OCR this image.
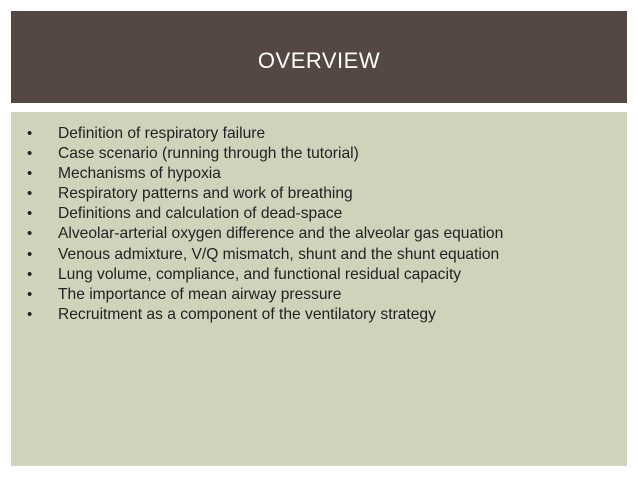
OVERVIEW
•	Definition of respiratory failure
•	Case scenario (running through the tutorial)
•	Mechanisms of hypoxia
•	Respiratory patterns and work of breathing
•	Definitions and calculation of dead-space
•	Alveolar-arterial oxygen difference and the alveolar gas equation
•	Venous admixture, V/Q mismatch, shunt and the shunt equation
•	Lung volume, compliance, and functional residual capacity
•	The importance of mean airway pressure
•	Recruitment as a component of the ventilatory strategy
